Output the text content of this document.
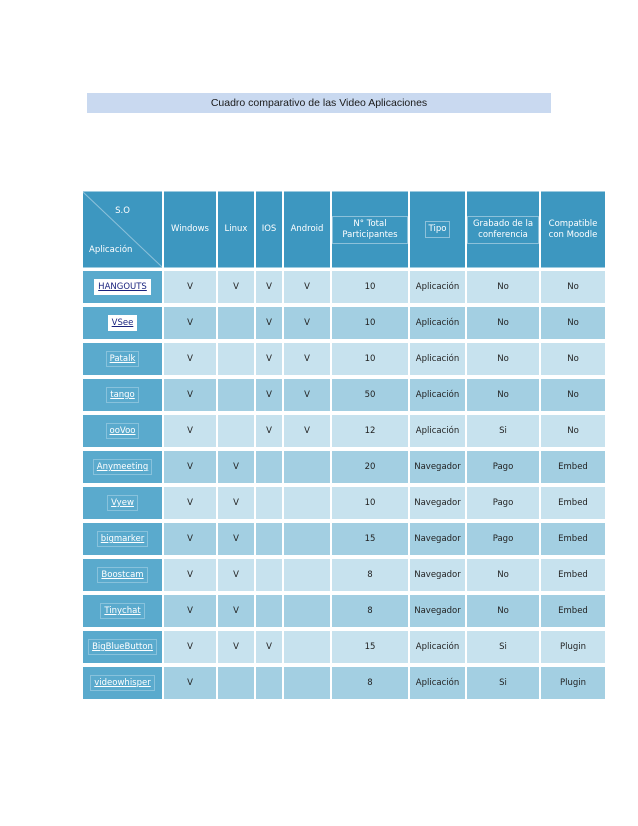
Cuadro comparativo de las Video Aplicaciones
S.O
Aplicación	Windows	Linux	IOS	Android	N° Total Participantes	Tipo	Grabado de la conferencia	Compatible con Moodle

HANGOUTS	V	V	V	V	10	Aplicación	No	No
VSee	V		V	V	10	Aplicación	No	No
Patalk	V		V	V	10	Aplicación	No	No
tango	V		V	V	50	Aplicación	No	No
ooVoo	V		V	V	12	Aplicación	Si	No
Anymeeting	V	V			20	Navegador	Pago	Embed
Vyew	V	V			10	Navegador	Pago	Embed
bigmarker	V	V			15	Navegador	Pago	Embed
Boostcam	V	V			8	Navegador	No	Embed
Tinychat	V	V			8	Navegador	No	Embed
BigBlueButton	V	V	V		15	Aplicación	Si	Plugin
videowhisper	V				8	Aplicación	Si	Plugin
